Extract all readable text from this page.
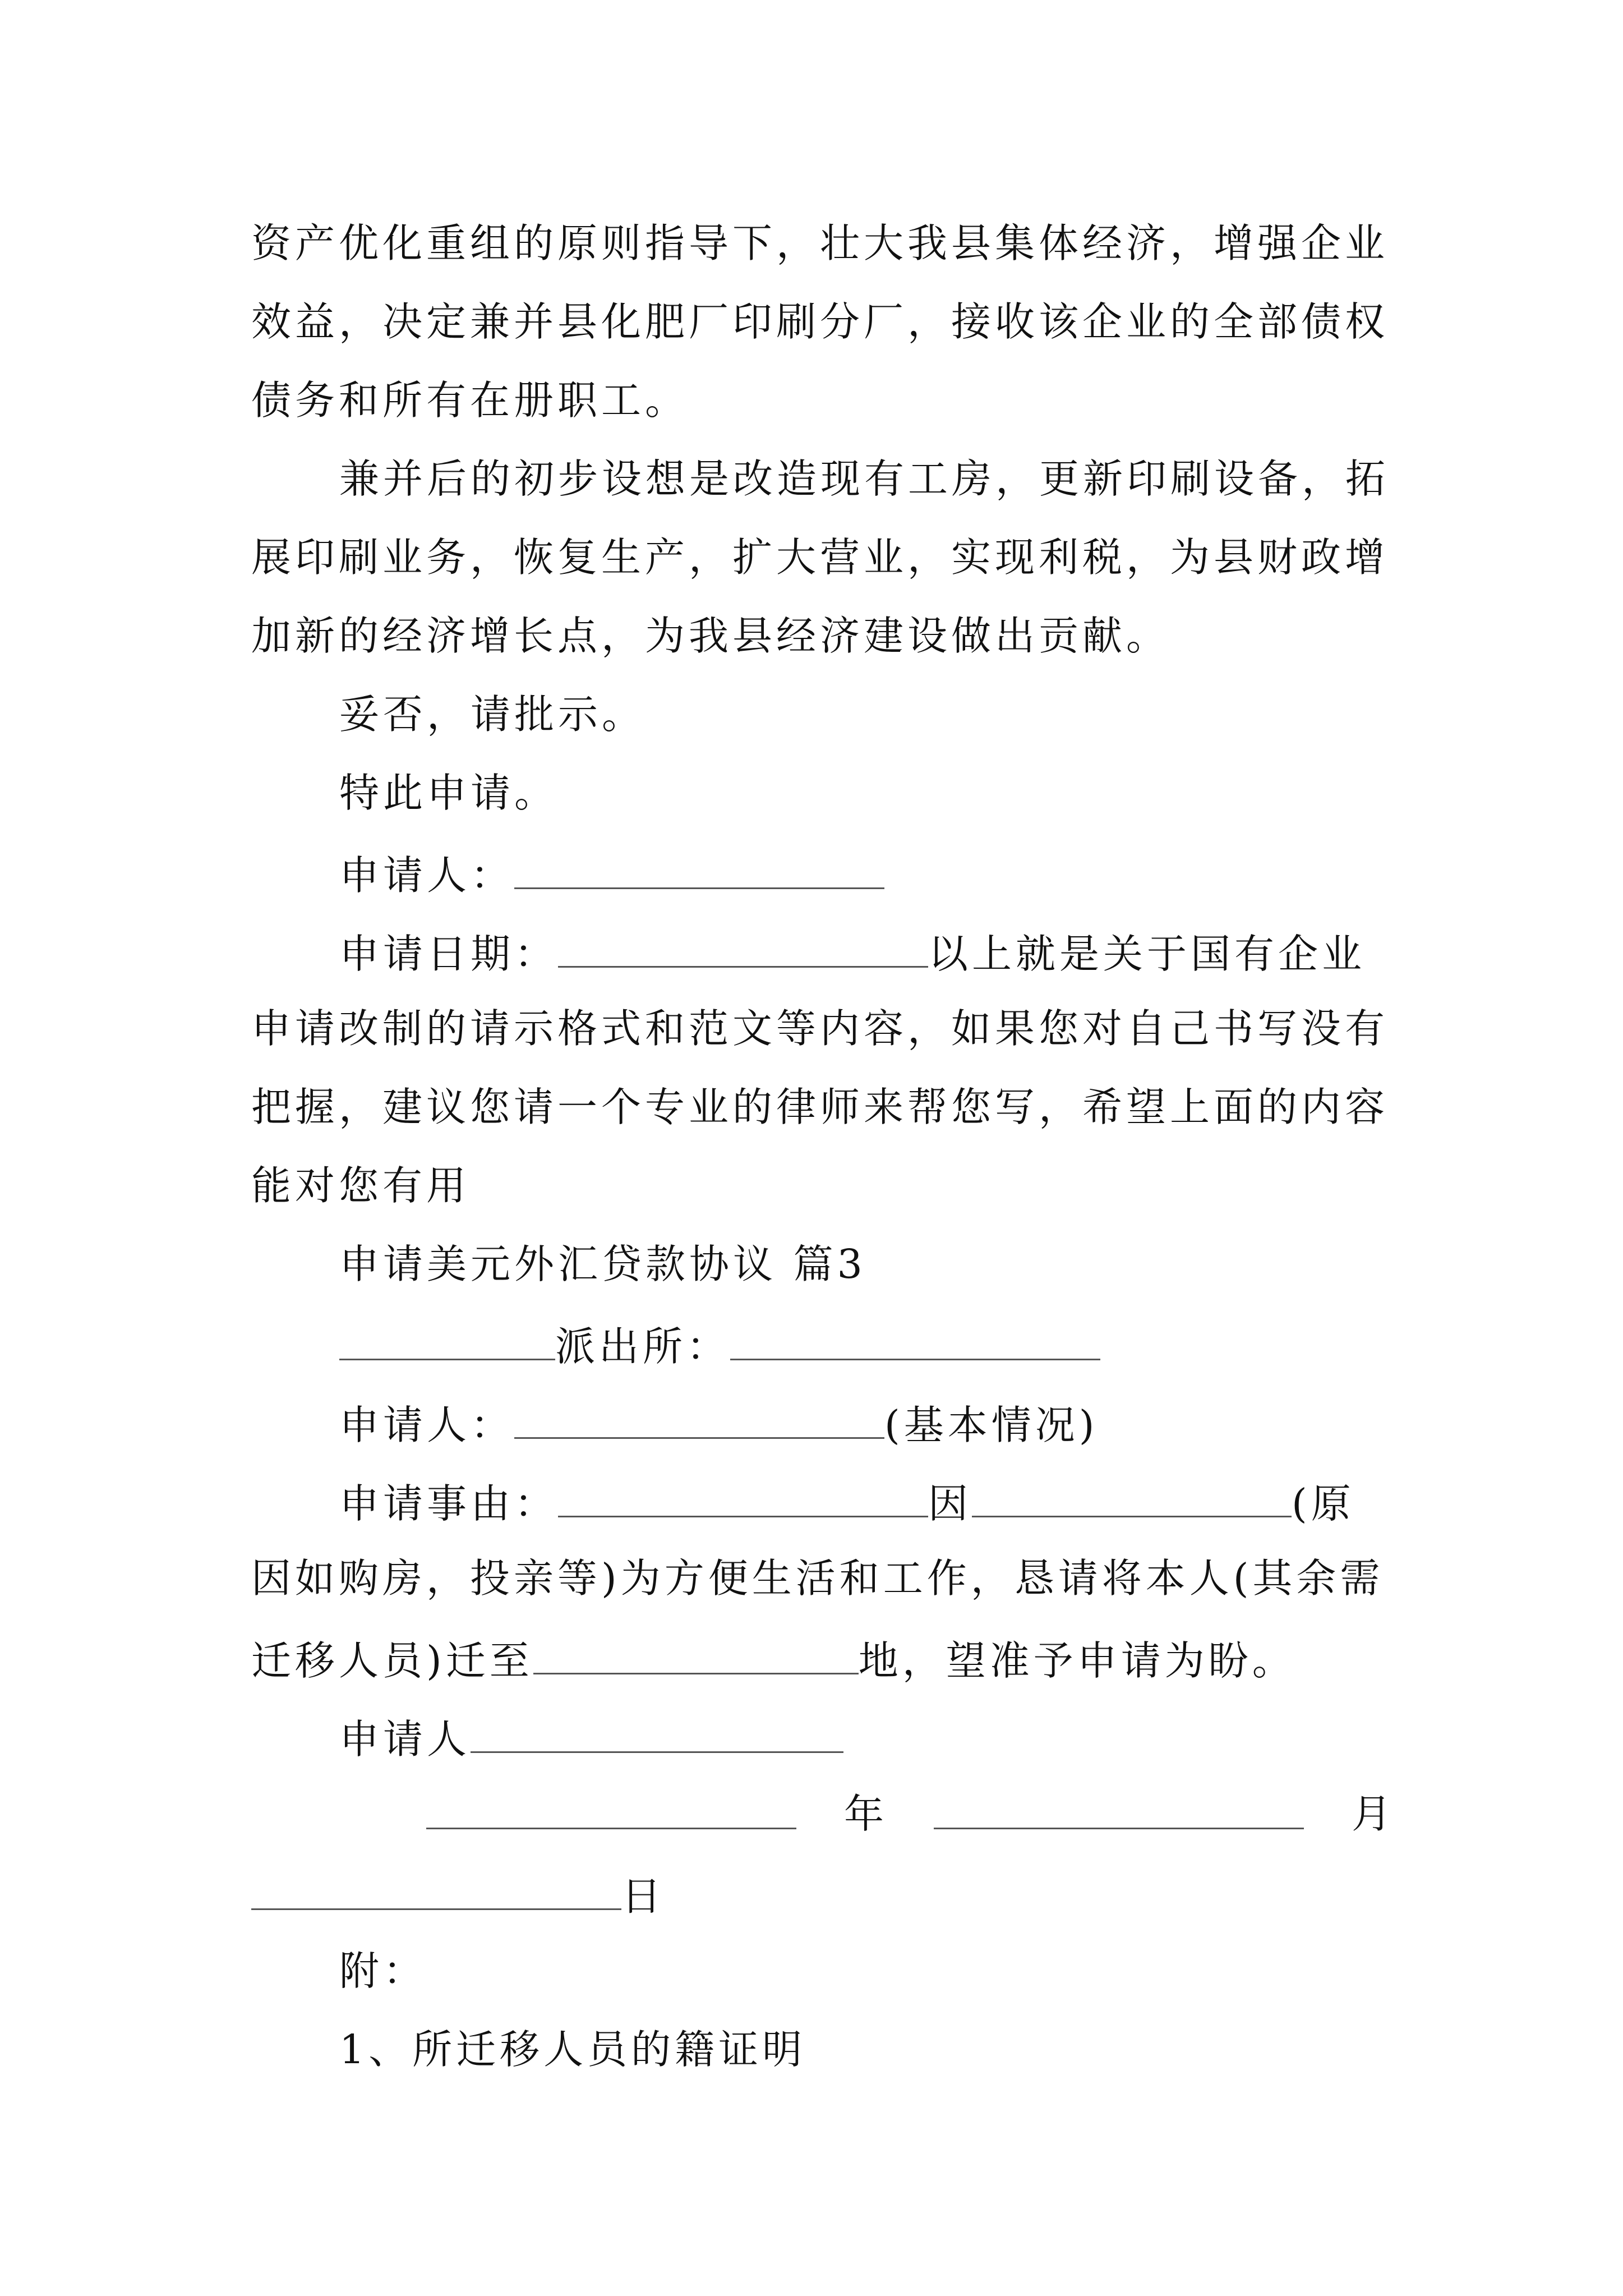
资产优化重组的原则指导下，壮大我县集体经济，增强企业

效益，决定兼并县化肥厂印刷分厂，接收该企业的全部债权

债务和所有在册职工。

兼并后的初步设想是改造现有工房，更新印刷设备，拓

展印刷业务，恢复生产，扩大营业，实现利税，为县财政增

加新的经济增长点，为我县经济建设做出贡献。

妥否，请批示。

特此申请。

申请人：

申请日期：	以上就是关于国有企业

申请改制的请示格式和范文等内容，如果您对自己书写没有

把握，建议您请一个专业的律师来帮您写，希望上面的内容

能对您有用

申请美元外汇贷款协议 篇3

派出所：

申请人：	(基本情况)

申请事由：	因	(原

因如购房，投亲等)为方便生活和工作，恳请将本人(其余需

迁移人员)迁至	地，望准予申请为盼。

申请人

年	月

日

附：

1、所迁移人员的籍证明
